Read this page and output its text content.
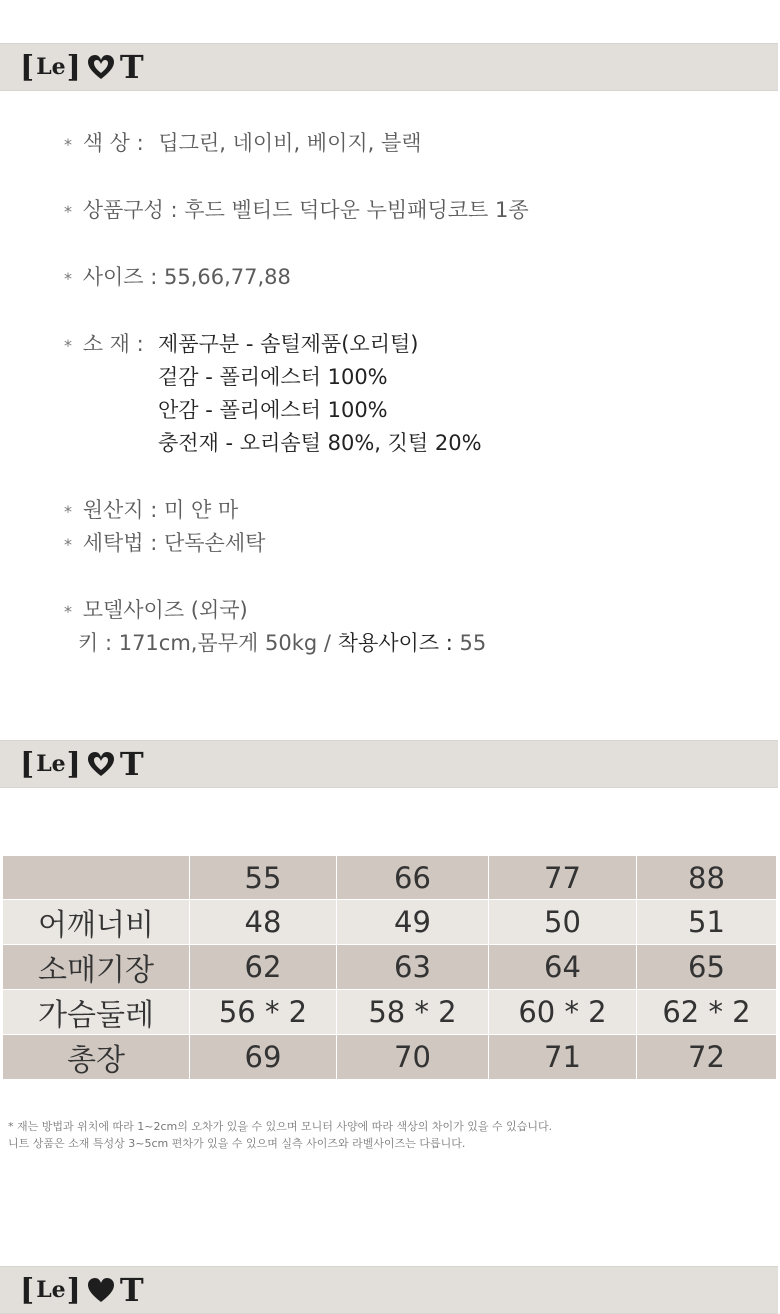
[ Le ] T
* 색 상 : 딥그린, 네이비, 베이지, 블랙
* 상품구성 : 후드 벨티드 덕다운 누빔패딩코트 1종
* 사이즈 : 55,66,77,88
* 소 재 : 제품구분 - 솜털제품(오리털)
겉감 - 폴리에스터 100%
안감 - 폴리에스터 100%
충전재 - 오리솜털 80%, 깃털 20%
* 원산지 : 미 얀 마
* 세탁법 : 단독손세탁
* 모델사이즈 (외국)
키 : 171cm,몸무게 50kg / 착용사이즈 : 55
[ Le ] T
	55	66	77	88
어깨너비	48	49	50	51
소매기장	62	63	64	65
가슴둘레	56 * 2	58 * 2	60 * 2	62 * 2
총장	69	70	71	72
* 재는 방법과 위치에 따라 1~2cm의 오차가 있을 수 있으며 모니터 사양에 따라 색상의 차이가 있을 수 있습니다.
니트 상품은 소재 특성상 3~5cm 편차가 있을 수 있으며 실측 사이즈와 라벨사이즈는 다릅니다.
[ Le ] T
